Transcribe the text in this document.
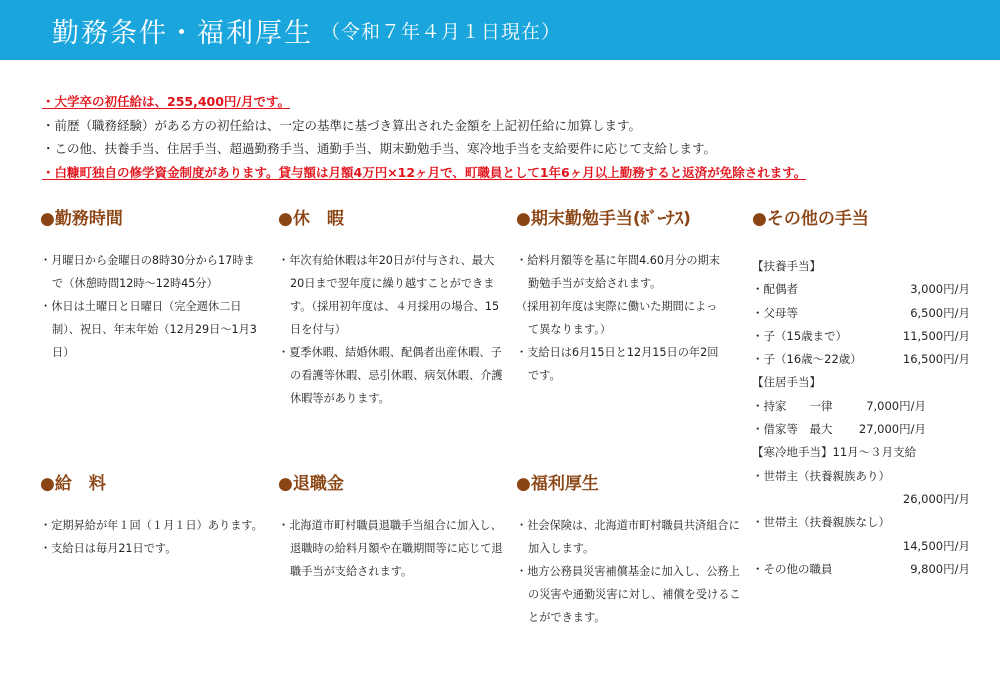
勤務条件・福利厚生 （令和７年４月１日現在）
・大学卒の初任給は、255,400円/月です。
・前歴（職務経験）がある方の初任給は、一定の基準に基づき算出された金額を上記初任給に加算します。
・この他、扶養手当、住居手当、超過勤務手当、通勤手当、期末勤勉手当、寒冷地手当を支給要件に応じて支給します。
・白糠町独自の修学資金制度があります。貸与額は月額4万円×12ヶ月で、町職員として1年6ヶ月以上勤務すると返済が免除されます。
●勤務時間
・月曜日から金曜日の8時30分から17時まで（休憩時間12時～12時45分）
・休日は土曜日と日曜日（完全週休二日制）、祝日、年末年始（12月29日～1月3日）
●休　暇
・年次有給休暇は年20日が付与され、最大20日まで翌年度に繰り越すことができます。（採用初年度は、４月採用の場合、15日を付与）
・夏季休暇、結婚休暇、配偶者出産休暇、子の看護等休暇、忌引休暇、病気休暇、介護休暇等があります。
●期末勤勉手当(ﾎﾞｰﾅｽ)
・給料月額等を基に年間4.60月分の期末勤勉手当が支給されます。
（採用初年度は実際に働いた期間によって異なります。）
・支給日は6月15日と12月15日の年2回です。
●給　料
・定期昇給が年１回（１月１日）あります。
・支給日は毎月21日です。
●退職金
・北海道市町村職員退職手当組合に加入し、退職時の給料月額や在職期間等に応じて退職手当が支給されます。
●福利厚生
・社会保険は、北海道市町村職員共済組合に加入します。
・地方公務員災害補償基金に加入し、公務上の災害や通勤災害に対し、補償を受けることができます。
●その他の手当
【扶養手当】
・配偶者	3,000円/月
・父母等	6,500円/月
・子（15歳まで）	11,500円/月
・子（16歳～22歳）	16,500円/月
【住居手当】
・持家　　一律	7,000円/月
・借家等　最大 27,000円/月
【寒冷地手当】11月～３月支給
・世帯主（扶養親族あり）
26,000円/月
・世帯主（扶養親族なし）
14,500円/月
・その他の職員	9,800円/月
